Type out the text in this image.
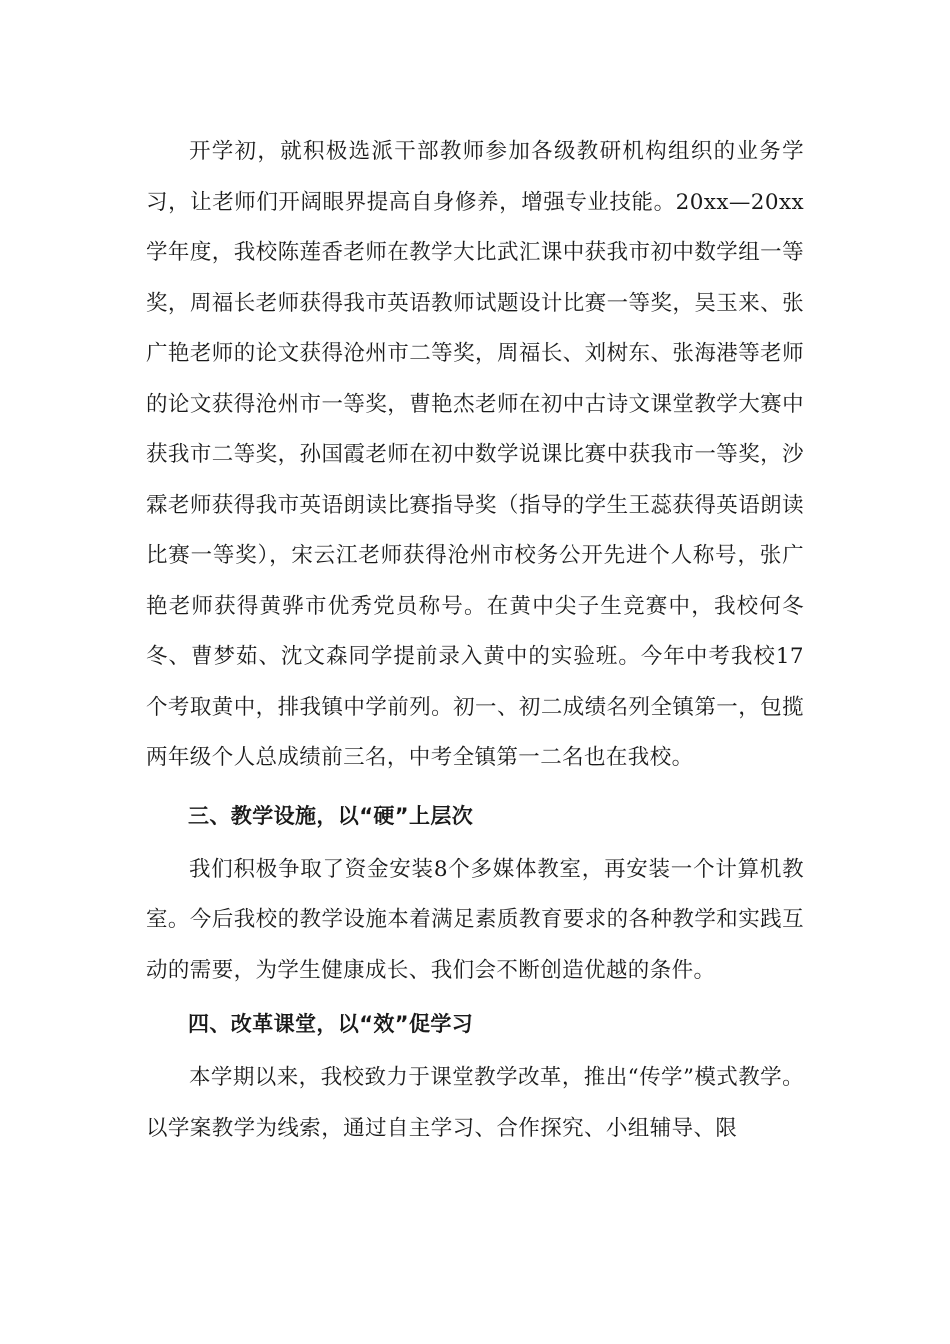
开学初，就积极选派干部教师参加各级教研机构组织的业务学习，让老师们开阔眼界提高自身修养，增强专业技能。20xx—20xx学年度，我校陈莲香老师在教学大比武汇课中获我市初中数学组一等奖，周福长老师获得我市英语教师试题设计比赛一等奖，吴玉来、张广艳老师的论文获得沧州市二等奖，周福长、刘树东、张海港等老师的论文获得沧州市一等奖，曹艳杰老师在初中古诗文课堂教学大赛中获我市二等奖，孙国霞老师在初中数学说课比赛中获我市一等奖，沙霖老师获得我市英语朗读比赛指导奖（指导的学生王蕊获得英语朗读比赛一等奖），宋云江老师获得沧州市校务公开先进个人称号，张广艳老师获得黄骅市优秀党员称号。在黄中尖子生竞赛中，我校何冬冬、曹梦茹、沈文森同学提前录入黄中的实验班。今年中考我校17个考取黄中，排我镇中学前列。初一、初二成绩名列全镇第一，包揽两年级个人总成绩前三名，中考全镇第一二名也在我校。

三、教学设施，以“硬”上层次

我们积极争取了资金安装8个多媒体教室，再安装一个计算机教室。今后我校的教学设施本着满足素质教育要求的各种教学和实践互动的需要，为学生健康成长、我们会不断创造优越的条件。

四、改革课堂，以“效”促学习

本学期以来，我校致力于课堂教学改革，推出“传学”模式教学。以学案教学为线索，通过自主学习、合作探究、小组辅导、限
